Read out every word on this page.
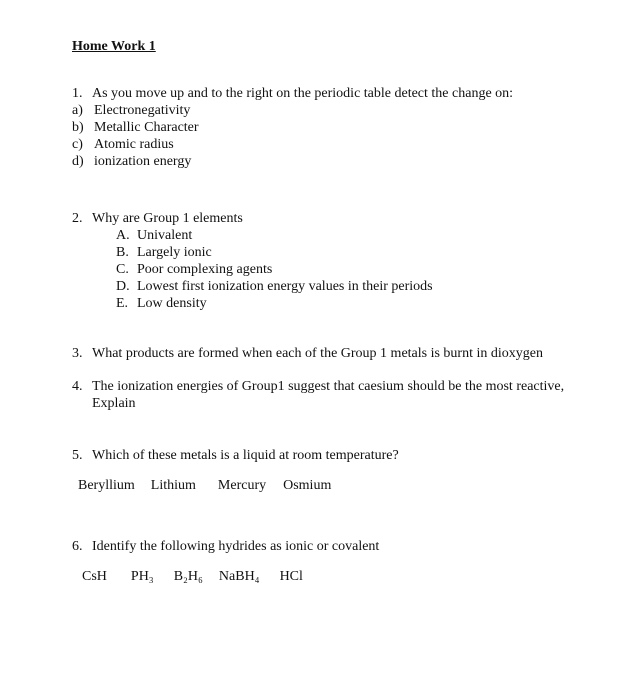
Home Work 1
1. As you move up and to the right on the periodic table detect the change on:
a) Electronegativity
b) Metallic Character
c) Atomic radius
d) ionization energy
2. Why are Group 1 elements
A. Univalent
B. Largely ionic
C. Poor complexing agents
D. Lowest first ionization energy values in their periods
E. Low density
3. What products are formed when each of the Group 1 metals is burnt in dioxygen
4. The ionization energies of Group1 suggest that caesium should be the most reactive,
Explain
5. Which of these metals is a liquid at room temperature?
Beryllium Lithium Mercury Osmium
6. Identify the following hydrides as ionic or covalent
CsH PH₃ B₂H₆ NaBH₄ HCl
